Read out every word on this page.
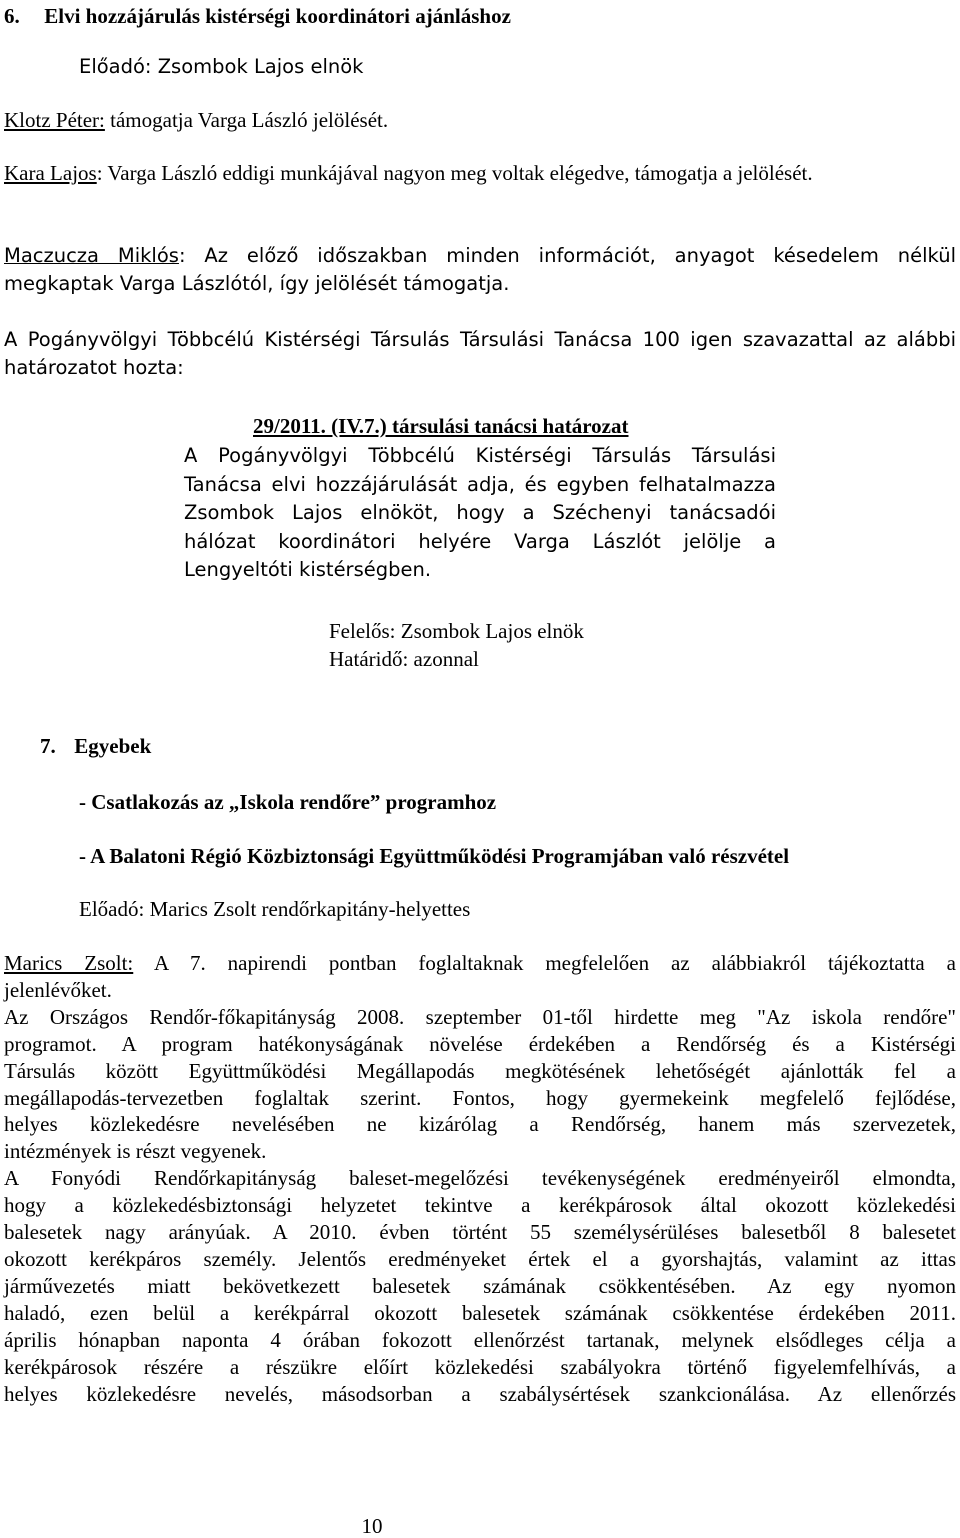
6. Elvi hozzájárulás kistérségi koordinátori ajánláshoz
Előadó: Zsombok Lajos elnök
Klotz Péter: támogatja Varga László jelölését.
Kara Lajos: Varga László eddigi munkájával nagyon meg voltak elégedve, támogatja a jelölését.
Maczucza Miklós: Az előző időszakban minden információt, anyagot késedelem nélkül megkaptak Varga Lászlótól, így jelölését támogatja.
A Pogányvölgyi Többcélú Kistérségi Társulás Társulási Tanácsa 100 igen szavazattal az alábbi határozatot hozta:
29/2011. (IV.7.) társulási tanácsi határozat
A Pogányvölgyi Többcélú Kistérségi Társulás Társulási
Tanácsa elvi hozzájárulását adja, és egyben felhatalmazza
Zsombok Lajos elnököt, hogy a Széchenyi tanácsadói
hálózat koordinátori helyére Varga Lászlót jelölje a
Lengyeltóti kistérségben.
Felelős: Zsombok Lajos elnök
Határidő: azonnal
7. Egyebek
- Csatlakozás az „Iskola rendőre” programhoz
- A Balatoni Régió Közbiztonsági Együttműködési Programjában való részvétel
Előadó: Marics Zsolt rendőrkapitány-helyettes
Marics Zsolt: A 7. napirendi pontban foglaltaknak megfelelően az alábbiakról tájékoztatta a
jelenlévőket.
Az Országos Rendőr-főkapitányság 2008. szeptember 01-től hirdette meg "Az iskola rendőre"
programot. A program hatékonyságának növelése érdekében a Rendőrség és a Kistérségi
Társulás között Együttműködési Megállapodás megkötésének lehetőségét ajánlották fel a
megállapodás-tervezetben foglaltak szerint. Fontos, hogy gyermekeink megfelelő fejlődése,
helyes közlekedésre nevelésében ne kizárólag a Rendőrség, hanem más szervezetek,
intézmények is részt vegyenek.
A Fonyódi Rendőrkapitányság baleset-megelőzési tevékenységének eredményeiről elmondta,
hogy a közlekedésbiztonsági helyzetet tekintve a kerékpárosok által okozott közlekedési
balesetek nagy arányúak. A 2010. évben történt 55 személysérüléses balesetből 8 balesetet
okozott kerékpáros személy. Jelentős eredményeket értek el a gyorshajtás, valamint az ittas
járművezetés miatt bekövetkezett balesetek számának csökkentésében. Az egy nyomon
haladó, ezen belül a kerékpárral okozott balesetek számának csökkentése érdekében 2011.
április hónapban naponta 4 órában fokozott ellenőrzést tartanak, melynek elsődleges célja a
kerékpárosok részére a részükre előírt közlekedési szabályokra történő figyelemfelhívás, a
helyes közlekedésre nevelés, másodsorban a szabálysértések szankcionálása. Az ellenőrzés
10
